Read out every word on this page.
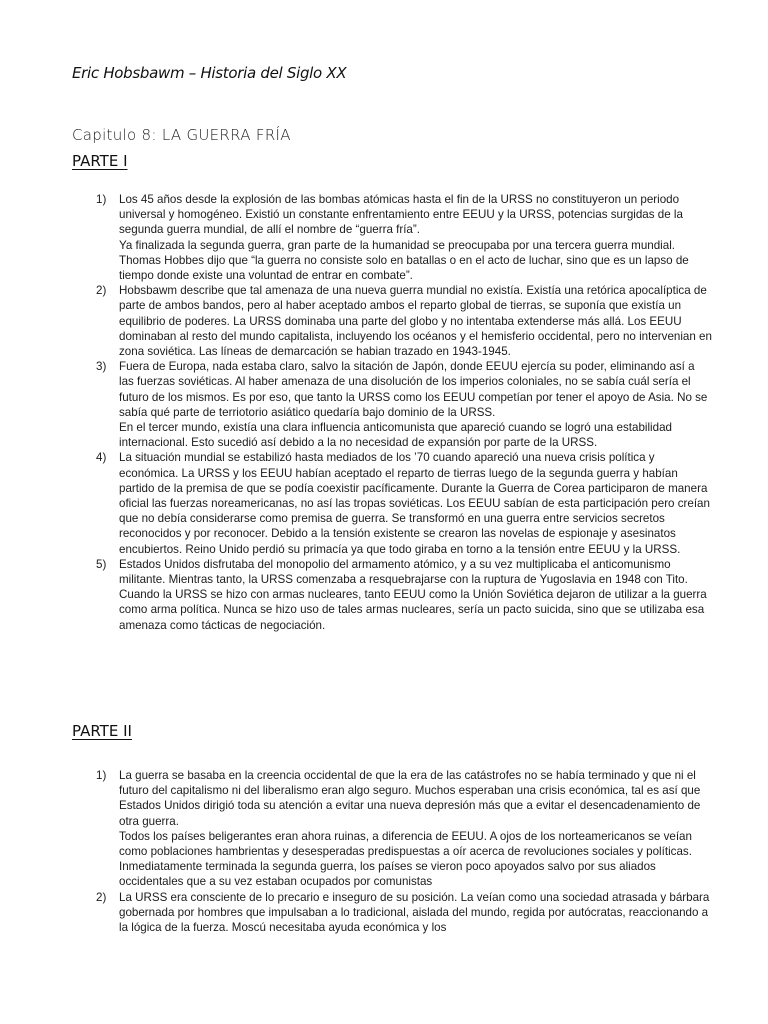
Eric Hobsbawm – Historia del Siglo XX
Capitulo 8: LA GUERRA FRÍA
PARTE I
1) Los 45 años desde la explosión de las bombas atómicas hasta el fin de la URSS no constituyeron un periodo universal y homogéneo. Existió un constante enfrentamiento entre EEUU y la URSS, potencias surgidas de la segunda guerra mundial, de allí el nombre de “guerra fría”.
Ya finalizada la segunda guerra, gran parte de la humanidad se preocupaba por una tercera guerra mundial. Thomas Hobbes dijo que “la guerra no consiste solo en batallas o en el acto de luchar, sino que es un lapso de tiempo donde existe una voluntad de entrar en combate”.
2) Hobsbawm describe que tal amenaza de una nueva guerra mundial no existía. Existía una retórica apocalíptica de parte de ambos bandos, pero al haber aceptado ambos el reparto global de tierras, se suponía que existía un equilibrio de poderes. La URSS dominaba una parte del globo y no intentaba extenderse más allá. Los EEUU dominaban al resto del mundo capitalista, incluyendo los océanos y el hemisferio occidental, pero no intervenian en zona soviética. Las líneas de demarcación se habian trazado en 1943-1945.
3) Fuera de Europa, nada estaba claro, salvo la sitación de Japón, donde EEUU ejercía su poder, eliminando así a las fuerzas soviéticas. Al haber amenaza de una disolución de los imperios coloniales, no se sabía cuál sería el futuro de los mismos. Es por eso, que tanto la URSS como los EEUU competían por tener el apoyo de Asia. No se sabía qué parte de terriotorio asiático quedaría bajo dominio de la URSS.
En el tercer mundo, existía una clara influencia anticomunista que apareció cuando se logró una estabilidad internacional. Esto sucedió así debido a la no necesidad de expansión por parte de la URSS.
4) La situación mundial se estabilizó hasta mediados de los ’70 cuando apareció una nueva crisis política y económica. La URSS y los EEUU habían aceptado el reparto de tierras luego de la segunda guerra y habían partido de la premisa de que se podía coexistir pacíficamente. Durante la Guerra de Corea participaron de manera oficial las fuerzas noreamericanas, no así las tropas soviéticas. Los EEUU sabían de esta participación pero creían que no debía considerarse como premisa de guerra. Se transformó en una guerra entre servicios secretos reconocidos y por reconocer. Debido a la tensión existente se crearon las novelas de espionaje y asesinatos encubiertos. Reino Unido perdió su primacía ya que todo giraba en torno a la tensión entre EEUU y la URSS.
5) Estados Unidos disfrutaba del monopolio del armamento atómico, y a su vez multiplicaba el anticomunismo militante. Mientras tanto, la URSS comenzaba a resquebrajarse con la ruptura de Yugoslavia en 1948 con Tito.
Cuando la URSS se hizo con armas nucleares, tanto EEUU como la Unión Soviética dejaron de utilizar a la guerra como arma política. Nunca se hizo uso de tales armas nucleares, sería un pacto suicida, sino que se utilizaba esa amenaza como tácticas de negociación.
PARTE II
1) La guerra se basaba en la creencia occidental de que la era de las catástrofes no se había terminado y que ni el futuro del capitalismo ni del liberalismo eran algo seguro. Muchos esperaban una crisis económica, tal es así que Estados Unidos dirigió toda su atención a evitar una nueva depresión más que a evitar el desencadenamiento de otra guerra.
Todos los países beligerantes eran ahora ruinas, a diferencia de EEUU. A ojos de los norteamericanos se veían como poblaciones hambrientas y desesperadas predispuestas a oír acerca de revoluciones sociales y políticas.
Inmediatamente terminada la segunda guerra, los países se vieron poco apoyados salvo por sus aliados occidentales que a su vez estaban ocupados por comunistas
2) La URSS era consciente de lo precario e inseguro de su posición. La veían como una sociedad atrasada y bárbara gobernada por hombres que impulsaban a lo tradicional, aislada del mundo, regida por autócratas, reaccionando a la lógica de la fuerza. Moscú necesitaba ayuda económica y los
